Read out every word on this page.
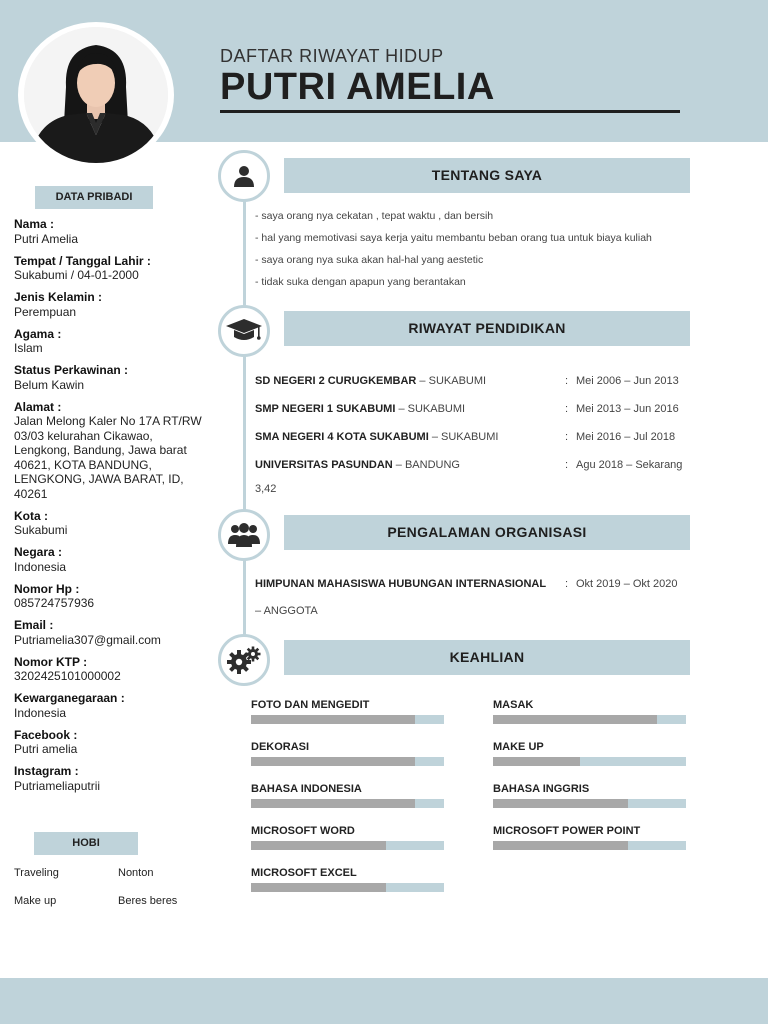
DAFTAR RIWAYAT HIDUP
PUTRI AMELIA
DATA PRIBADI
Nama :
Putri Amelia
Tempat / Tanggal Lahir :
Sukabumi / 04-01-2000
Jenis Kelamin :
Perempuan
Agama :
Islam
Status Perkawinan :
Belum Kawin
Alamat :
Jalan Melong Kaler No 17A RT/RW 03/03 kelurahan Cikawao, Lengkong, Bandung, Jawa barat 40621, KOTA BANDUNG, LENGKONG, JAWA BARAT, ID, 40261
Kota :
Sukabumi
Negara :
Indonesia
Nomor Hp :
085724757936
Email :
Putriamelia307@gmail.com
Nomor KTP :
3202425101000002
Kewarganegaraan :
Indonesia
Facebook :
Putri amelia
Instagram :
Putriameliaputrii
HOBI
Traveling	Nonton
Make up	Beres beres
TENTANG SAYA
- saya orang nya cekatan , tepat waktu , dan bersih
- hal yang memotivasi saya kerja yaitu membantu beban orang tua untuk biaya kuliah
- saya orang nya suka akan hal-hal yang aestetic
- tidak suka dengan apapun yang berantakan
RIWAYAT PENDIDIKAN
SD NEGERI 2 CURUGKEMBAR – SUKABUMI	: Mei 2006 – Jun 2013
SMP NEGERI 1 SUKABUMI – SUKABUMI	: Mei 2013 – Jun 2016
SMA NEGERI 4 KOTA SUKABUMI – SUKABUMI	: Mei 2016 – Jul 2018
UNIVERSITAS PASUNDAN – BANDUNG	: Agu 2018 – Sekarang
3,42
PENGALAMAN ORGANISASI
HIMPUNAN MAHASISWA HUBUNGAN INTERNASIONAL : Okt 2019 – Okt 2020
– ANGGOTA
KEAHLIAN
FOTO DAN MENGEDIT	MASAK
DEKORASI	MAKE UP
BAHASA INDONESIA	BAHASA INGGRIS
MICROSOFT WORD	MICROSOFT POWER POINT
MICROSOFT EXCEL
